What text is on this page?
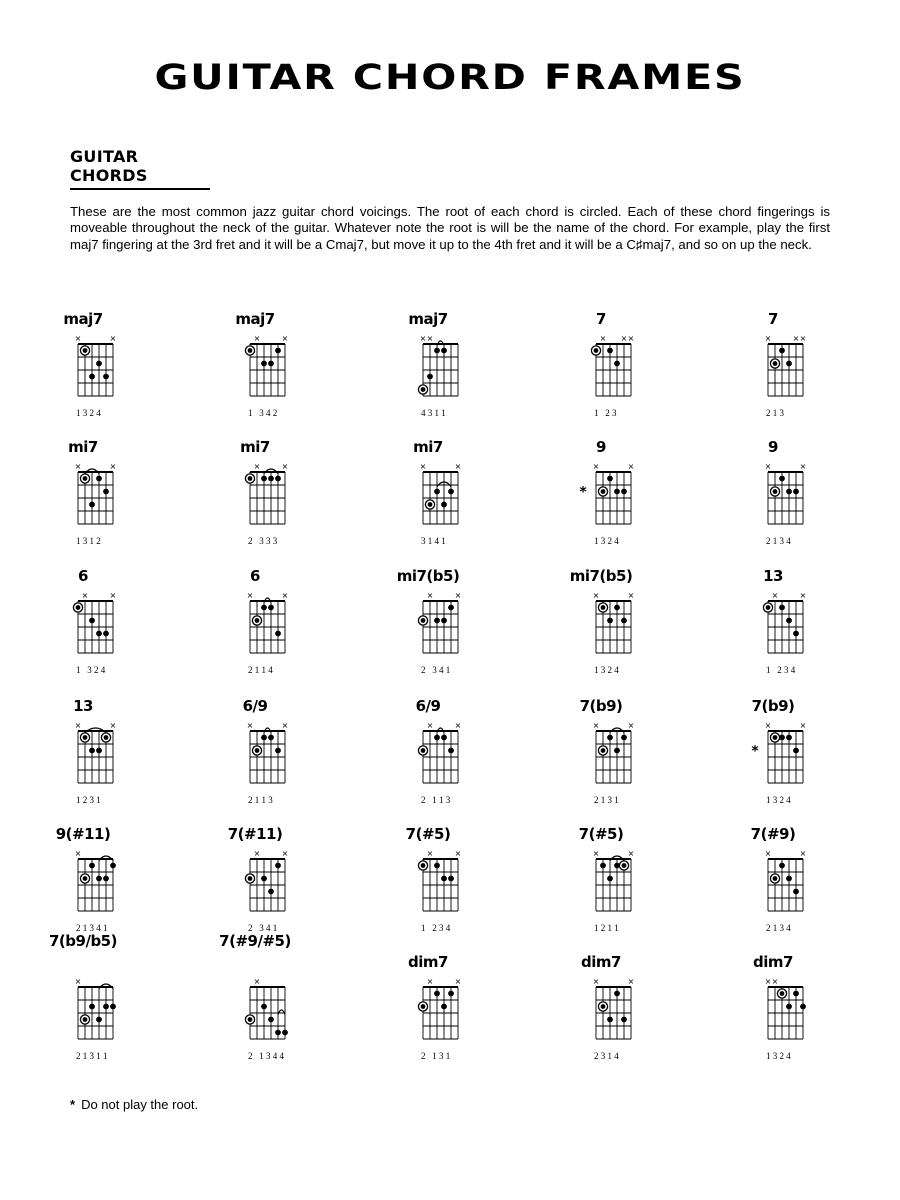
GUITAR CHORD FRAMES
GUITAR CHORDS

These are the most common jazz guitar chord voicings. The root of each chord is circled. Each of these chord fingerings is moveable throughout the neck of the guitar. Whatever note the root is will be the name of the chord. For example, play the first maj7 fingering at the 3rd fret and it will be a Cmaj7, but move it up to the 4th fret and it will be a C♯maj7, and so on up the neck.

maj7
×	×
1 3 2 4
maj7
×	×
1   3 4 2
maj7
× ×
4 3 1 1
7
× × ×
1   2 3
7
×	× ×
2 1 3
mi7
×	×
1 3 1 2
mi7
×	×
2   3 3 3
mi7
×	×
3 1 4 1
9
×	×
*
1 3 2 4
9
×	×
2 1 3 4
6
×	×
1   3 2 4
6
×	×
2 1 1 4
mi7(b5)
×	×
2   3 4 1
mi7(b5)
×	×
1 3 2 4
13
×	×
1   2 3 4
13
×	×
1 2 3 1
6/9
×	×
2 1 1 3
6/9
×	×
2   1 1 3
7(b9)
×	×
2 1 3 1
7(b9)
×	×
*
1 3 2 4
9(#11)
×
2 1 3 4 1
7(#11)
×	×
2   3 4 1
7(#5)
×	×
1   2 3 4
7(#5)
×	×
1 2 1 1
7(#9)
×	×
2 1 3 4
7(b9/b5)
×
2 1 3 1 1
7(#9/#5)
×
2   1 3 4 4
dim7
×	×
2   1 3 1
dim7
×	×
2 3 1 4
dim7
× ×
1 3 2 4
* Do not play the root.
